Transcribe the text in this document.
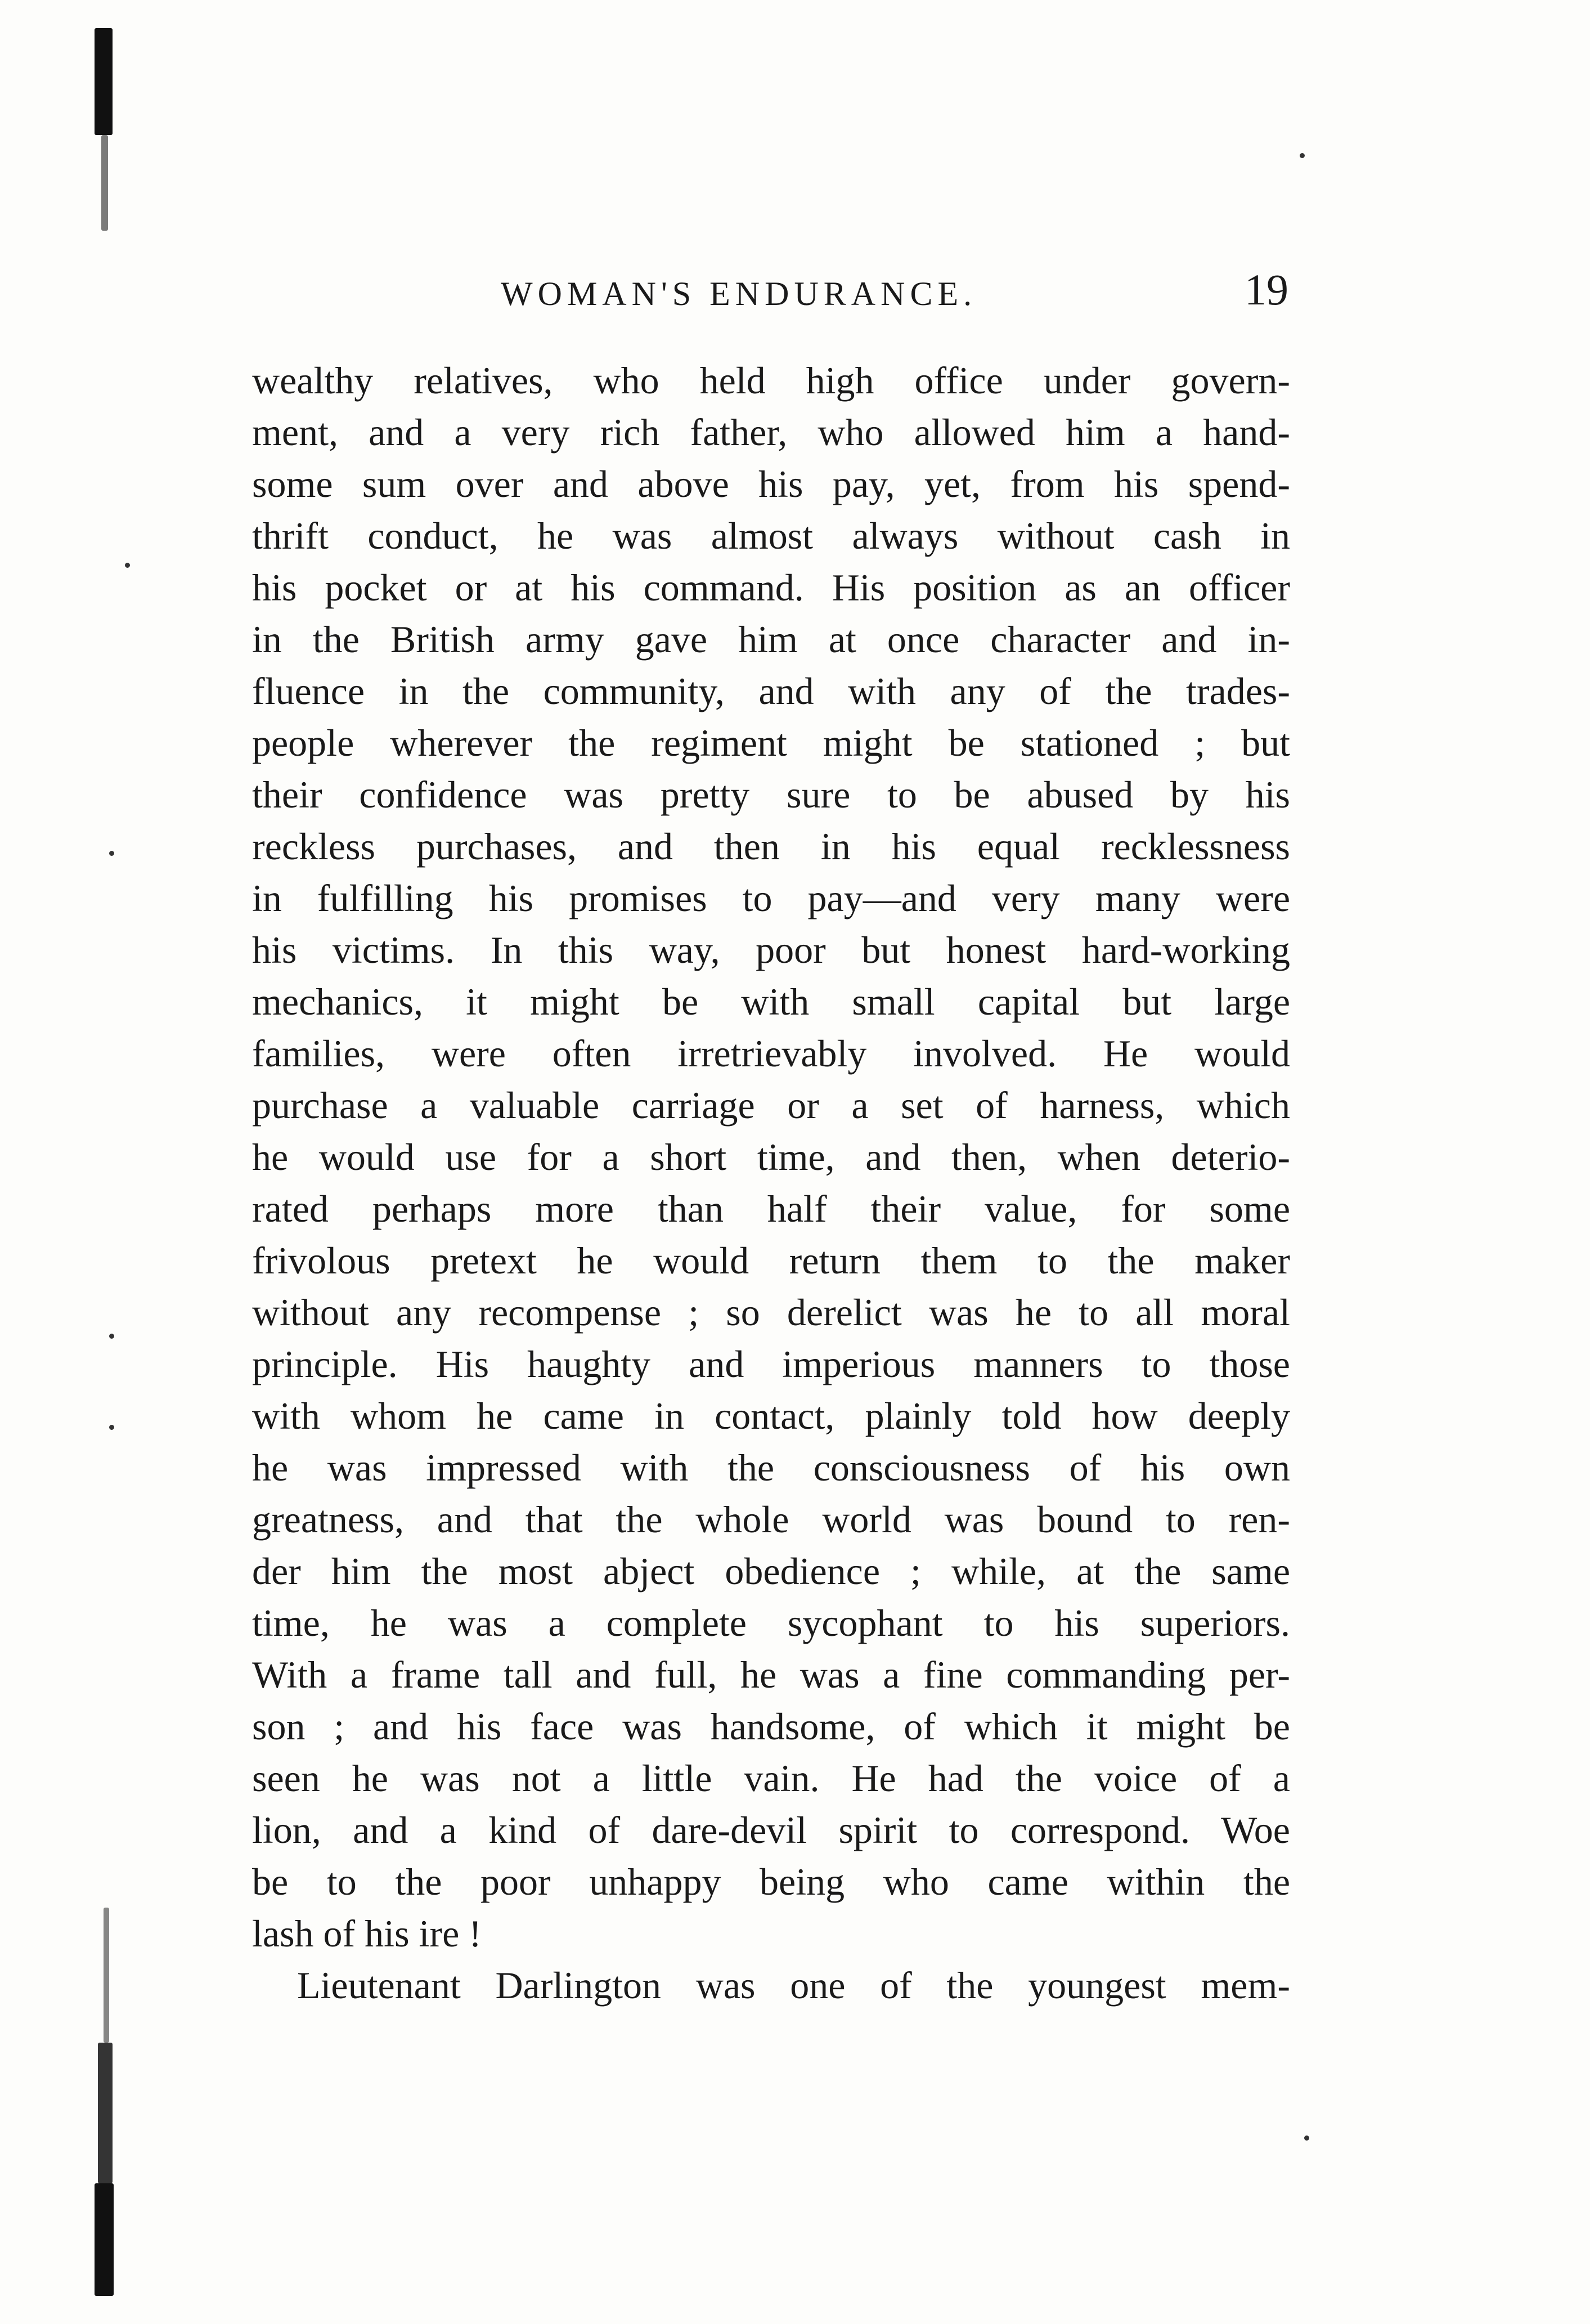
WOMAN'S ENDURANCE.	19
wealthy relatives, who held high office under govern-
ment, and a very rich father, who allowed him a hand-
some sum over and above his pay, yet, from his spend-
thrift conduct, he was almost always without cash in
his pocket or at his command. His position as an officer
in the British army gave him at once character and in-
fluence in the community, and with any of the trades-
people wherever the regiment might be stationed ; but
their confidence was pretty sure to be abused by his
reckless purchases, and then in his equal recklessness
in fulfilling his promises to pay—and very many were
his victims. In this way, poor but honest hard-working
mechanics, it might be with small capital but large
families, were often irretrievably involved. He would
purchase a valuable carriage or a set of harness, which
he would use for a short time, and then, when deterio-
rated perhaps more than half their value, for some
frivolous pretext he would return them to the maker
without any recompense ; so derelict was he to all moral
principle. His haughty and imperious manners to those
with whom he came in contact, plainly told how deeply
he was impressed with the consciousness of his own
greatness, and that the whole world was bound to ren-
der him the most abject obedience ; while, at the same
time, he was a complete sycophant to his superiors.
With a frame tall and full, he was a fine commanding per-
son ; and his face was handsome, of which it might be
seen he was not a little vain. He had the voice of a
lion, and a kind of dare-devil spirit to correspond. Woe
be to the poor unhappy being who came within the
lash of his ire !
Lieutenant Darlington was one of the youngest mem-
